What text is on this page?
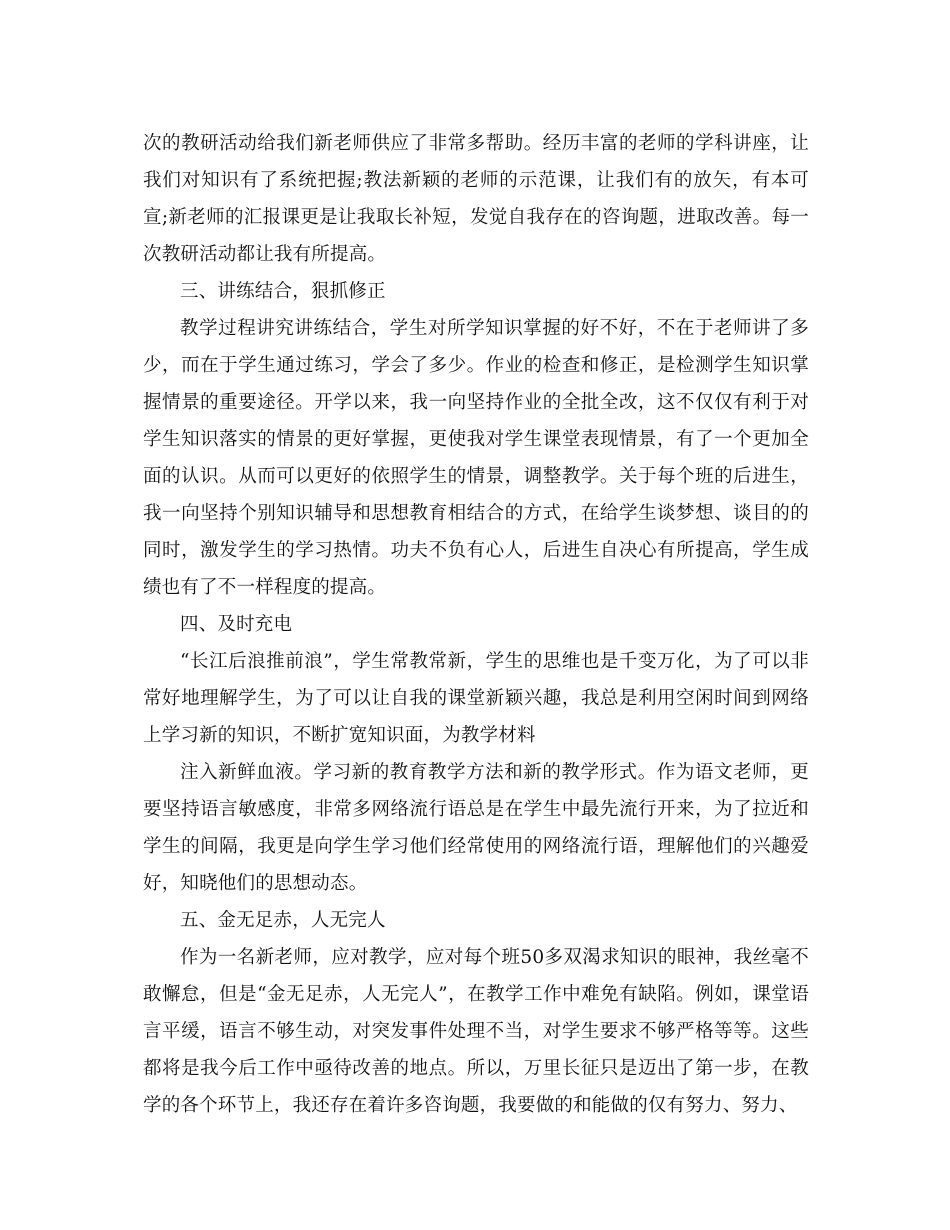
次的教研活动给我们新老师供应了非常多帮助。经历丰富的老师的学科讲座，让我们对知识有了系统把握;教法新颖的老师的示范课，让我们有的放矢，有本可宣;新老师的汇报课更是让我取长补短，发觉自我存在的咨询题，进取改善。每一次教研活动都让我有所提高。

三、讲练结合，狠抓修正

教学过程讲究讲练结合，学生对所学知识掌握的好不好，不在于老师讲了多少，而在于学生通过练习，学会了多少。作业的检查和修正，是检测学生知识掌握情景的重要途径。开学以来，我一向坚持作业的全批全改，这不仅仅有利于对学生知识落实的情景的更好掌握，更使我对学生课堂表现情景，有了一个更加全面的认识。从而可以更好的依照学生的情景，调整教学。关于每个班的后进生，我一向坚持个别知识辅导和思想教育相结合的方式，在给学生谈梦想、谈目的的同时，激发学生的学习热情。功夫不负有心人，后进生自决心有所提高，学生成绩也有了不一样程度的提高。

四、及时充电

“长江后浪推前浪”，学生常教常新，学生的思维也是千变万化，为了可以非常好地理解学生，为了可以让自我的课堂新颖兴趣，我总是利用空闲时间到网络上学习新的知识，不断扩宽知识面，为教学材料

注入新鲜血液。学习新的教育教学方法和新的教学形式。作为语文老师，更要坚持语言敏感度，非常多网络流行语总是在学生中最先流行开来，为了拉近和学生的间隔，我更是向学生学习他们经常使用的网络流行语，理解他们的兴趣爱好，知晓他们的思想动态。

五、金无足赤，人无完人

作为一名新老师，应对教学，应对每个班50多双渴求知识的眼神，我丝毫不敢懈怠，但是“金无足赤，人无完人”，在教学工作中难免有缺陷。例如，课堂语言平缓，语言不够生动，对突发事件处理不当，对学生要求不够严格等等。这些都将是我今后工作中亟待改善的地点。所以，万里长征只是迈出了第一步，在教学的各个环节上，我还存在着许多咨询题，我要做的和能做的仅有努力、努力、
